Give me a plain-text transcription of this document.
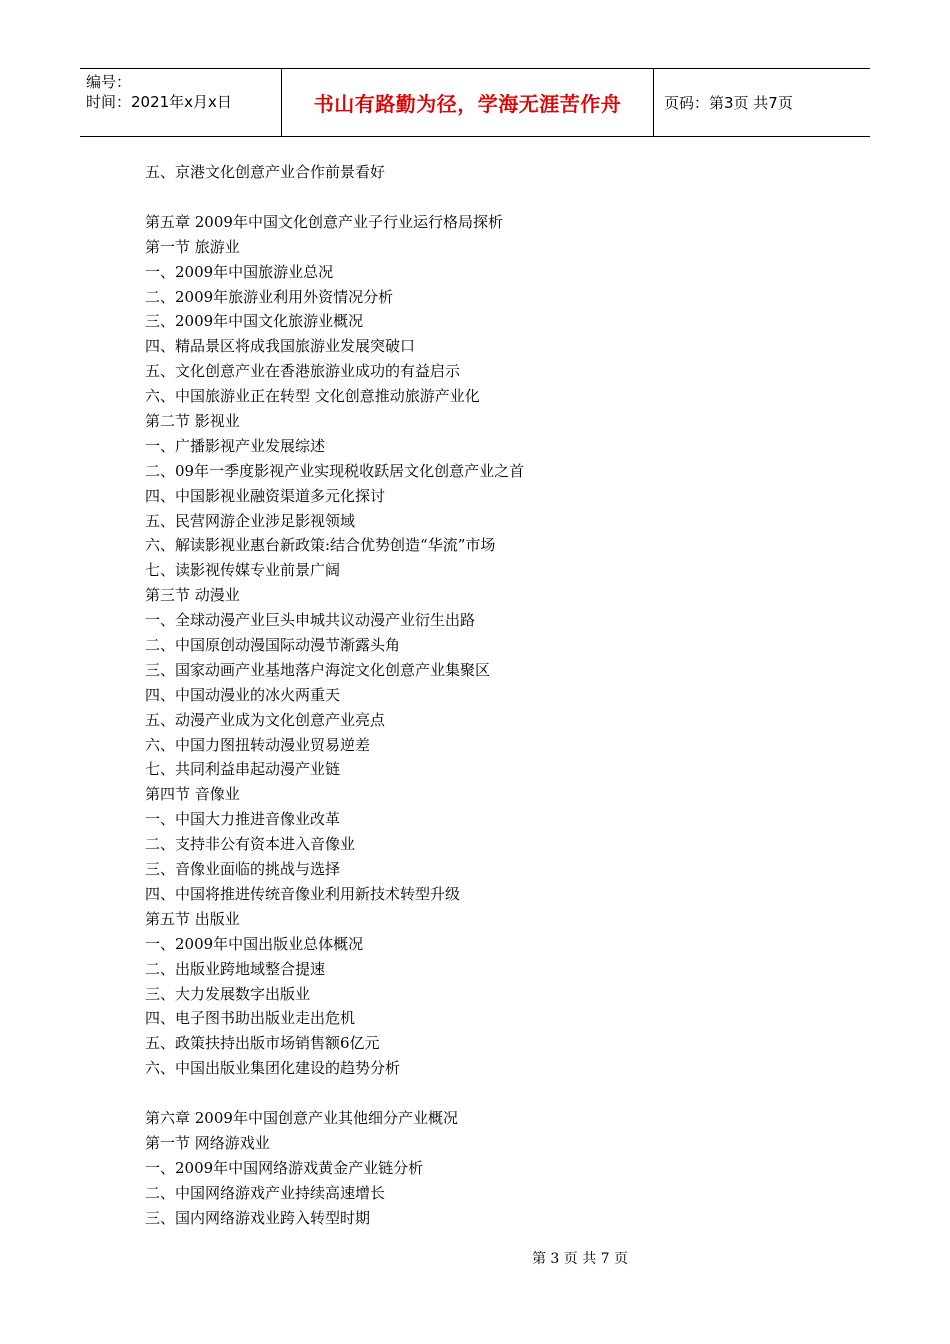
编号：
时间：2021年x月x日	书山有路勤为径，学海无涯苦作舟	页码：第3页 共7页
五、京港文化创意产业合作前景看好
第五章 2009年中国文化创意产业子行业运行格局探析
第一节 旅游业
一、2009年中国旅游业总况
二、2009年旅游业利用外资情况分析
三、2009年中国文化旅游业概况
四、精品景区将成我国旅游业发展突破口
五、文化创意产业在香港旅游业成功的有益启示
六、中国旅游业正在转型 文化创意推动旅游产业化
第二节 影视业
一、广播影视产业发展综述
二、09年一季度影视产业实现税收跃居文化创意产业之首
四、中国影视业融资渠道多元化探讨
五、民营网游企业涉足影视领域
六、解读影视业惠台新政策:结合优势创造“华流”市场
七、读影视传媒专业前景广阔
第三节 动漫业
一、全球动漫产业巨头申城共议动漫产业衍生出路
二、中国原创动漫国际动漫节渐露头角
三、国家动画产业基地落户海淀文化创意产业集聚区
四、中国动漫业的冰火两重天
五、动漫产业成为文化创意产业亮点
六、中国力图扭转动漫业贸易逆差
七、共同利益串起动漫产业链
第四节 音像业
一、中国大力推进音像业改革
二、支持非公有资本进入音像业
三、音像业面临的挑战与选择
四、中国将推进传统音像业利用新技术转型升级
第五节 出版业
一、2009年中国出版业总体概况
二、出版业跨地域整合提速
三、大力发展数字出版业
四、电子图书助出版业走出危机
五、政策扶持出版市场销售额6亿元
六、中国出版业集团化建设的趋势分析
第六章 2009年中国创意产业其他细分产业概况
第一节 网络游戏业
一、2009年中国网络游戏黄金产业链分析
二、中国网络游戏产业持续高速增长
三、国内网络游戏业跨入转型时期
第 3 页 共 7 页
